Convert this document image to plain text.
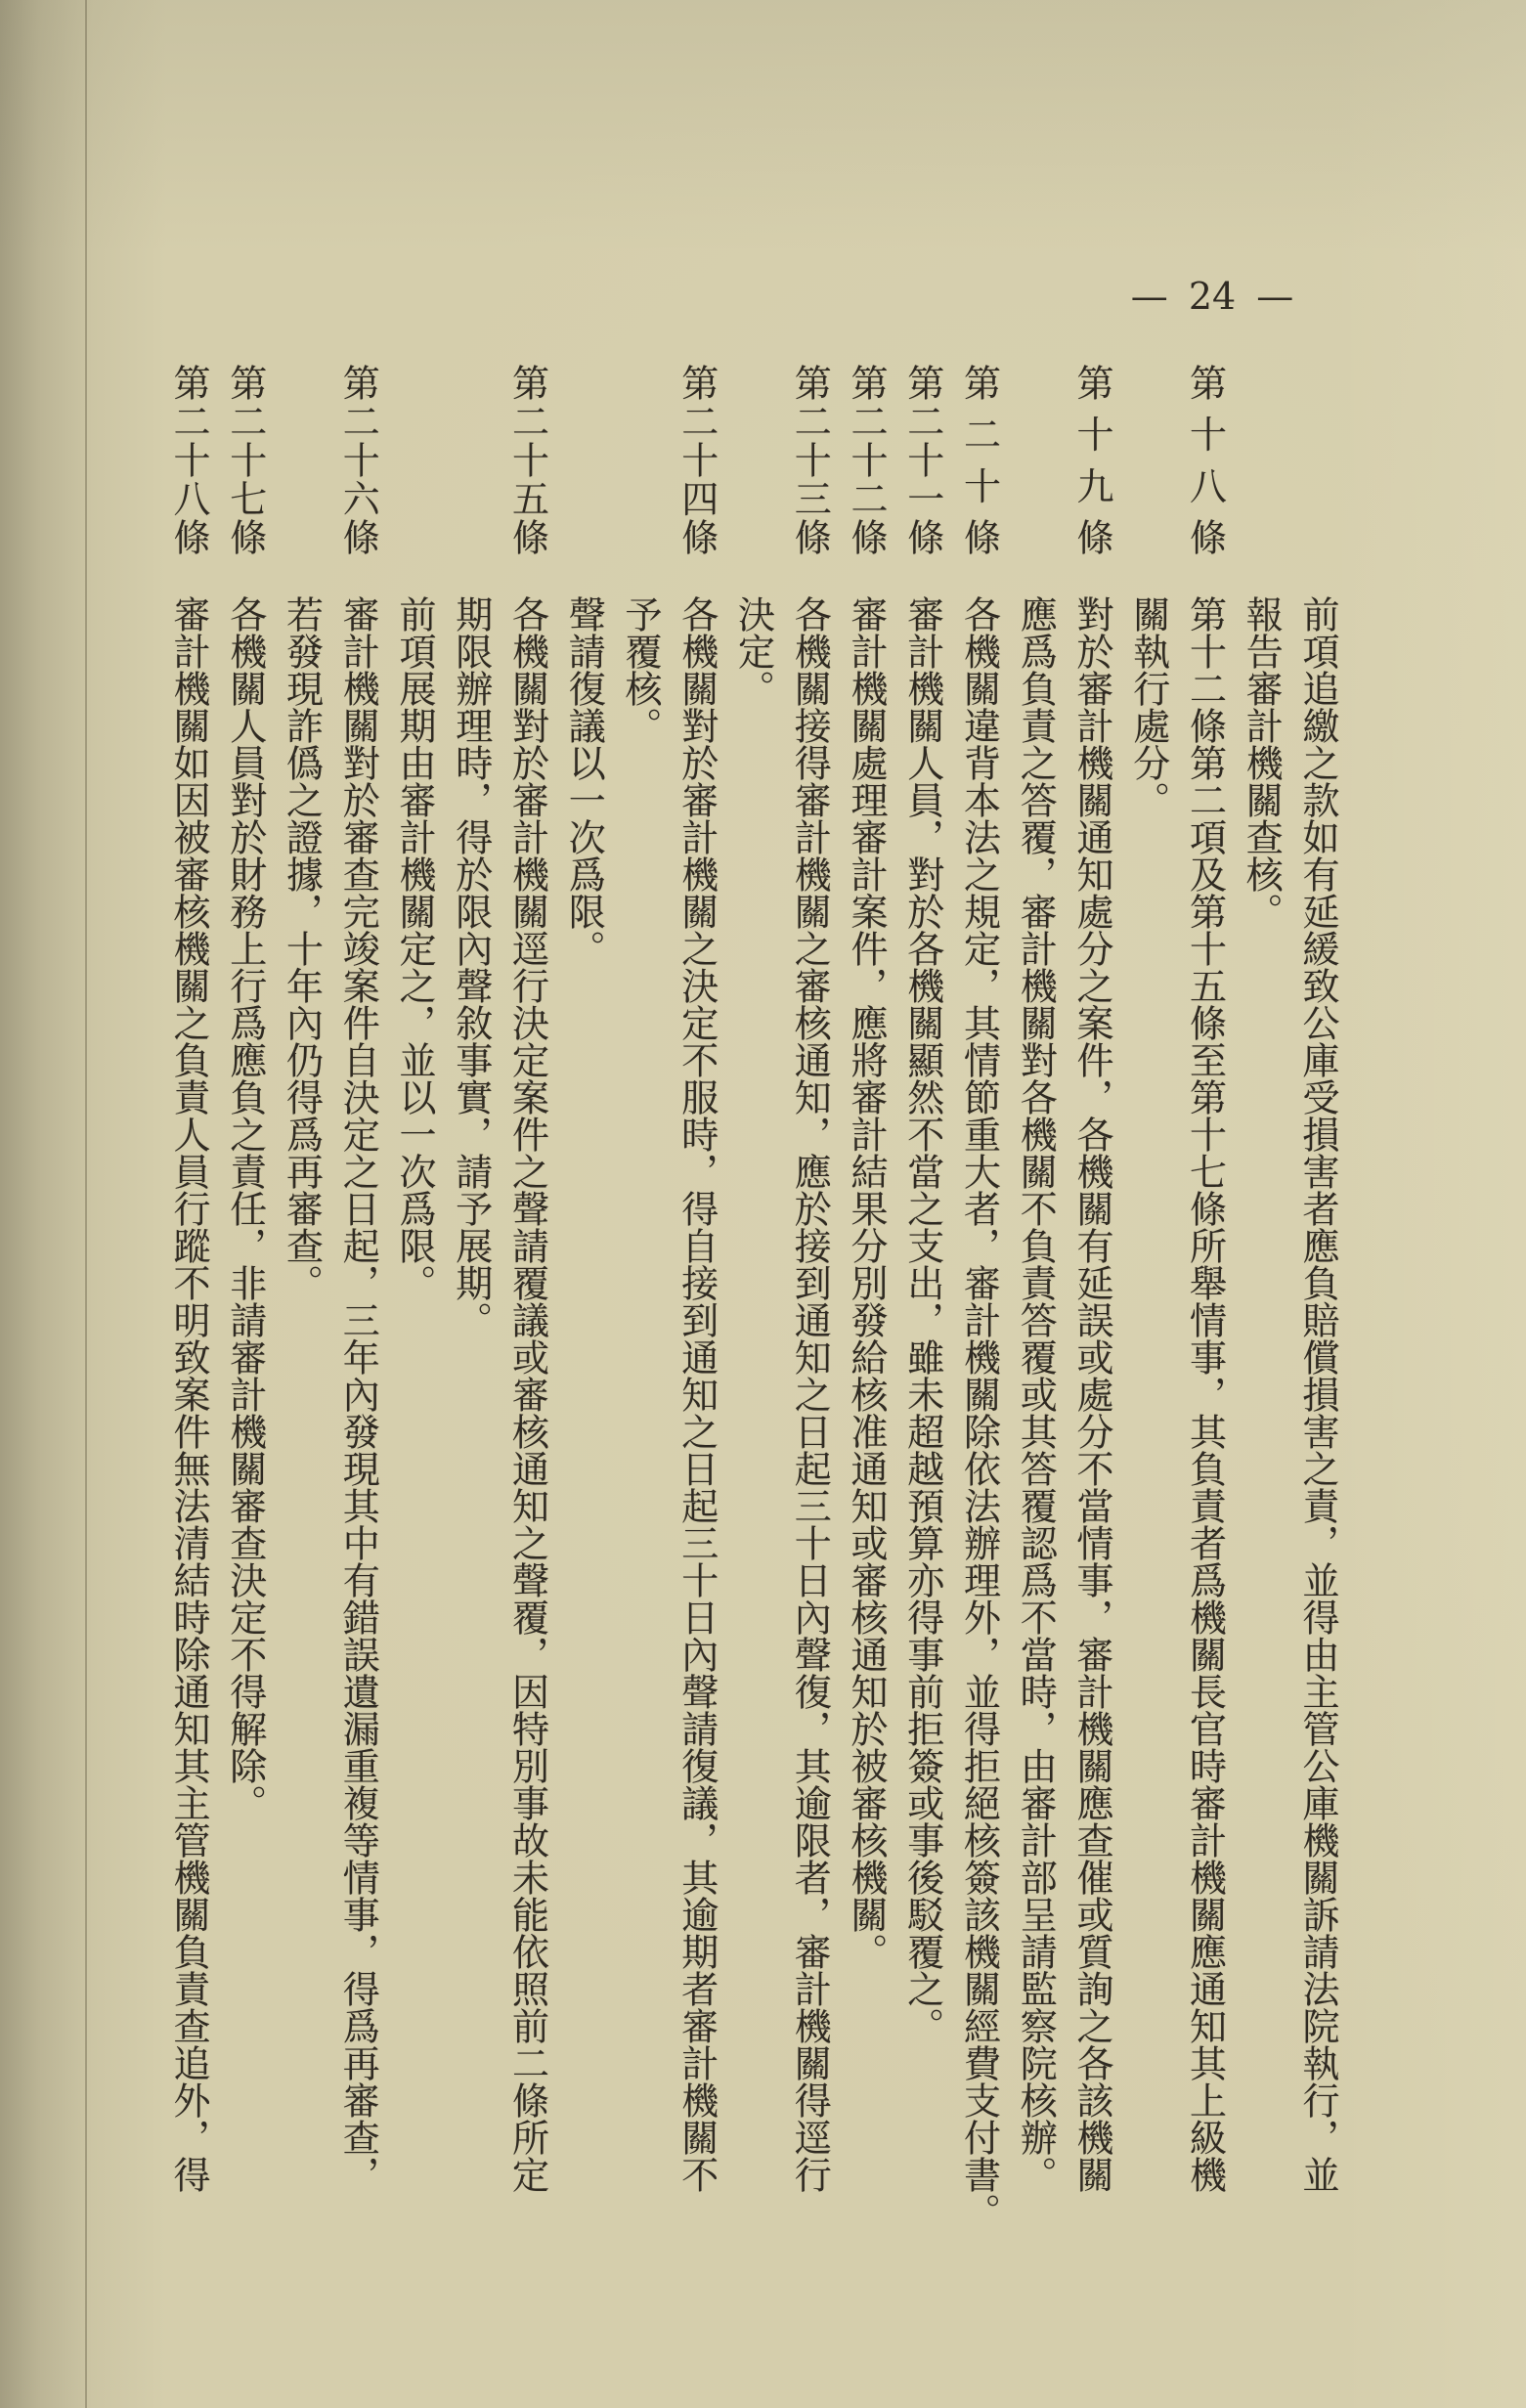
— 24 —
前項追繳之款如有延緩致公庫受損害者應負賠償損害之責，並得由主管公庫機關訴請法院執行，並
報告審計機關查核。
第十八條
第十二條第二項及第十五條至第十七條所舉情事，其負責者爲機關長官時審計機關應通知其上級機
關執行處分。
第十九條
對於審計機關通知處分之案件，各機關有延誤或處分不當情事，審計機關應查催或質詢之各該機關
應爲負責之答覆，審計機關對各機關不負責答覆或其答覆認爲不當時，由審計部呈請監察院核辦。
第二十條
各機關違背本法之規定，其情節重大者，審計機關除依法辦理外，並得拒絕核簽該機關經費支付書。
第二十一條
審計機關人員，對於各機關顯然不當之支出，雖未超越預算亦得事前拒簽或事後駁覆之。
第二十二條
審計機關處理審計案件，應將審計結果分別發給核准通知或審核通知於被審核機關。
第二十三條
各機關接得審計機關之審核通知，應於接到通知之日起三十日內聲復，其逾限者，審計機關得逕行
決定。
第二十四條
各機關對於審計機關之決定不服時，得自接到通知之日起三十日內聲請復議，其逾期者審計機關不
予覆核。
聲請復議以一次爲限。
第二十五條
各機關對於審計機關逕行決定案件之聲請覆議或審核通知之聲覆，因特別事故未能依照前二條所定
期限辦理時，得於限內聲敘事實，請予展期。
前項展期由審計機關定之，並以一次爲限。
第二十六條
審計機關對於審查完竣案件自決定之日起，三年內發現其中有錯誤遺漏重複等情事，得爲再審查，
若發現詐僞之證據，十年內仍得爲再審查。
第二十七條
各機關人員對於財務上行爲應負之責任，非請審計機關審查決定不得解除。
第二十八條
審計機關如因被審核機關之負責人員行蹤不明致案件無法清結時除通知其主管機關負責查追外，得
